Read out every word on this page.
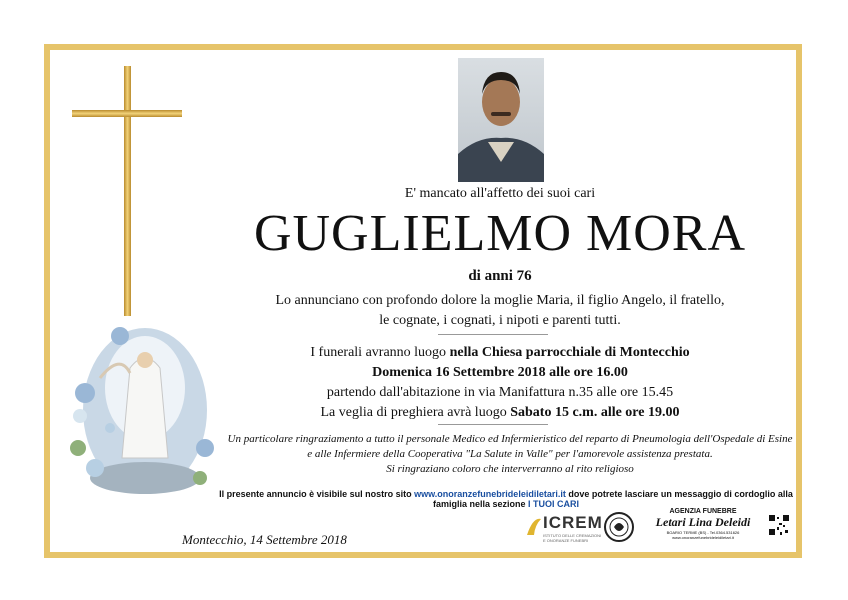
E' mancato all'affetto dei suoi cari
GUGLIELMO MORA
di anni 76
Lo annunciano con profondo dolore la moglie Maria, il figlio Angelo, il fratello,
le cognate, i cognati, i nipoti e parenti tutti.
I funerali avranno luogo nella Chiesa parrocchiale di Montecchio
Domenica 16 Settembre 2018 alle ore 16.00
partendo dall'abitazione in via Manifattura n.35 alle ore 15.45
La veglia di preghiera avrà luogo Sabato 15 c.m. alle ore 19.00
Un particolare ringraziamento a tutto il personale Medico ed Infermieristico del reparto di Pneumologia dell'Ospedale di Esine
e alle Infermiere della Cooperativa "La Salute in Valle" per l'amorevole assistenza prestata.
Si ringraziano coloro che interverranno al rito religioso
Il presente annuncio è visibile sul nostro sito www.onoranzefunebrideleidiletari.it dove potrete lasciare un messaggio di cordoglio alla famiglia nella sezione I TUOI CARI
Montecchio, 14 Settembre 2018
ICREM
ISTITUTO DELLE CREMAZIONI E ONORANZE FUNEBRI
AGENZIA FUNEBRE
Letari Lina Deleidi
BOARIO TERME (BS) - Tel.0364.531626
www.onoranzefunebrideleidiletari.it
